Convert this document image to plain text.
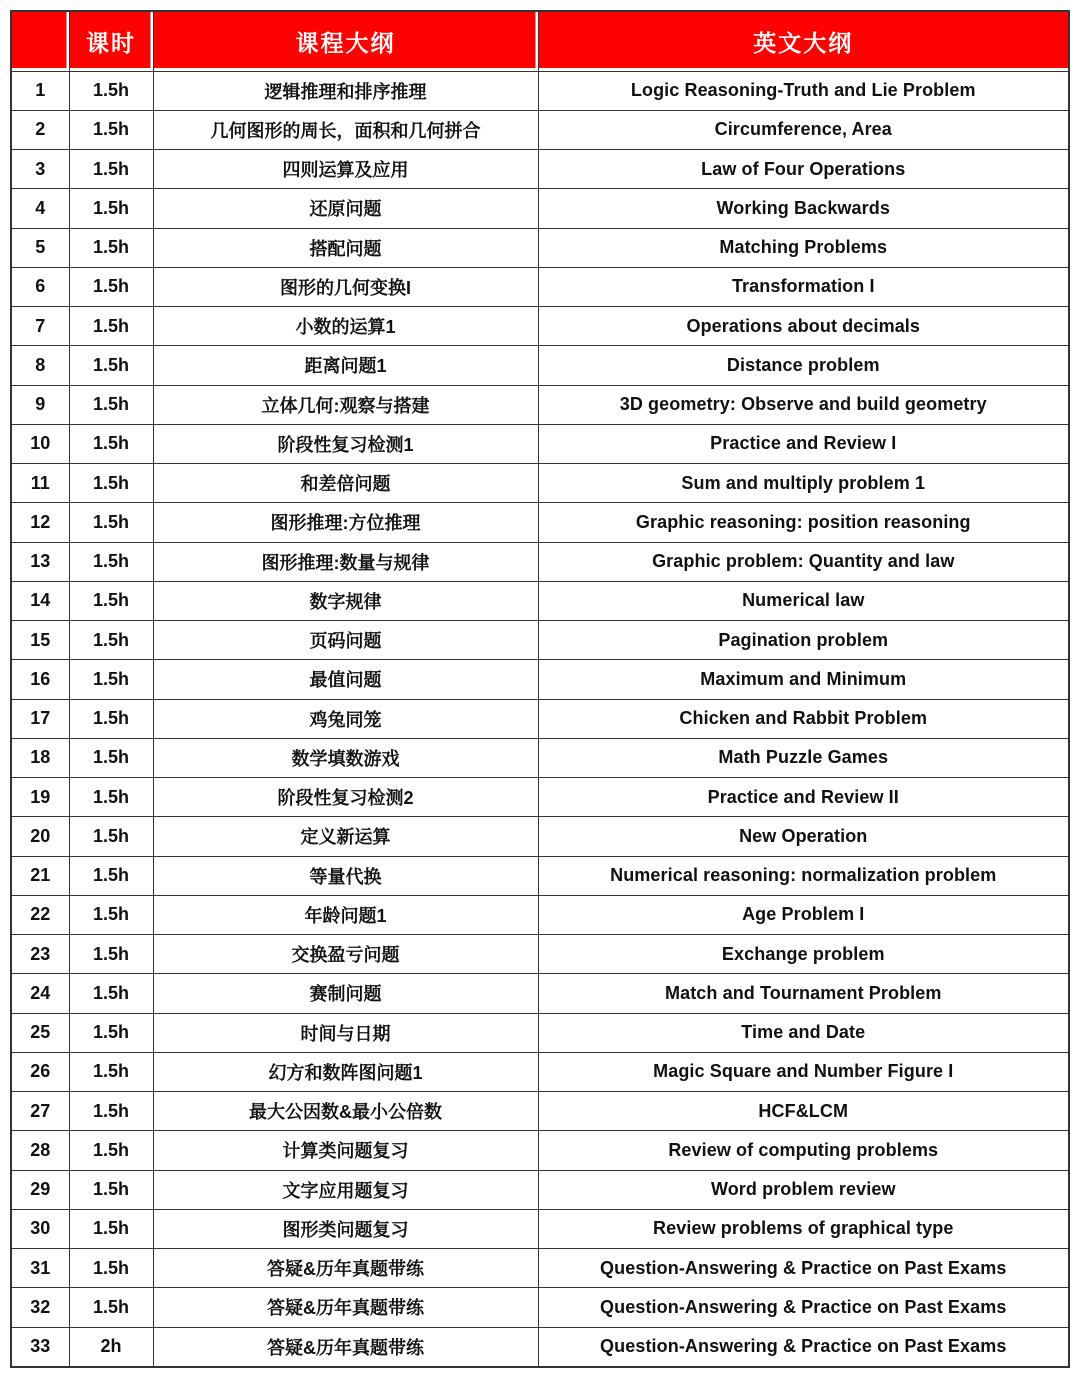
	课时	课程大纲	英文大纲
1	1.5h	逻辑推理和排序推理	Logic Reasoning-Truth and Lie Problem
2	1.5h	几何图形的周长，面积和几何拼合	Circumference, Area
3	1.5h	四则运算及应用	Law of Four Operations
4	1.5h	还原问题	Working Backwards
5	1.5h	搭配问题	Matching Problems
6	1.5h	图形的几何变换I	Transformation I
7	1.5h	小数的运算1	Operations about decimals
8	1.5h	距离问题1	Distance problem
9	1.5h	立体几何:观察与搭建	3D geometry: Observe and build geometry
10	1.5h	阶段性复习检测1	Practice and Review I
11	1.5h	和差倍问题	Sum and multiply problem 1
12	1.5h	图形推理:方位推理	Graphic reasoning: position reasoning
13	1.5h	图形推理:数量与规律	Graphic problem: Quantity and law
14	1.5h	数字规律	Numerical law
15	1.5h	页码问题	Pagination problem
16	1.5h	最值问题	Maximum and Minimum
17	1.5h	鸡兔同笼	Chicken and Rabbit Problem
18	1.5h	数学填数游戏	Math Puzzle Games
19	1.5h	阶段性复习检测2	Practice and Review II
20	1.5h	定义新运算	New Operation
21	1.5h	等量代换	Numerical reasoning: normalization problem
22	1.5h	年龄问题1	Age Problem I
23	1.5h	交换盈亏问题	Exchange problem
24	1.5h	赛制问题	Match and Tournament Problem
25	1.5h	时间与日期	Time and Date
26	1.5h	幻方和数阵图问题1	Magic Square and Number Figure I
27	1.5h	最大公因数&最小公倍数	HCF&LCM
28	1.5h	计算类问题复习	Review of computing problems
29	1.5h	文字应用题复习	Word problem review
30	1.5h	图形类问题复习	Review problems of graphical type
31	1.5h	答疑&历年真题带练	Question-Answering & Practice on Past Exams
32	1.5h	答疑&历年真题带练	Question-Answering & Practice on Past Exams
33	2h	答疑&历年真题带练	Question-Answering & Practice on Past Exams
